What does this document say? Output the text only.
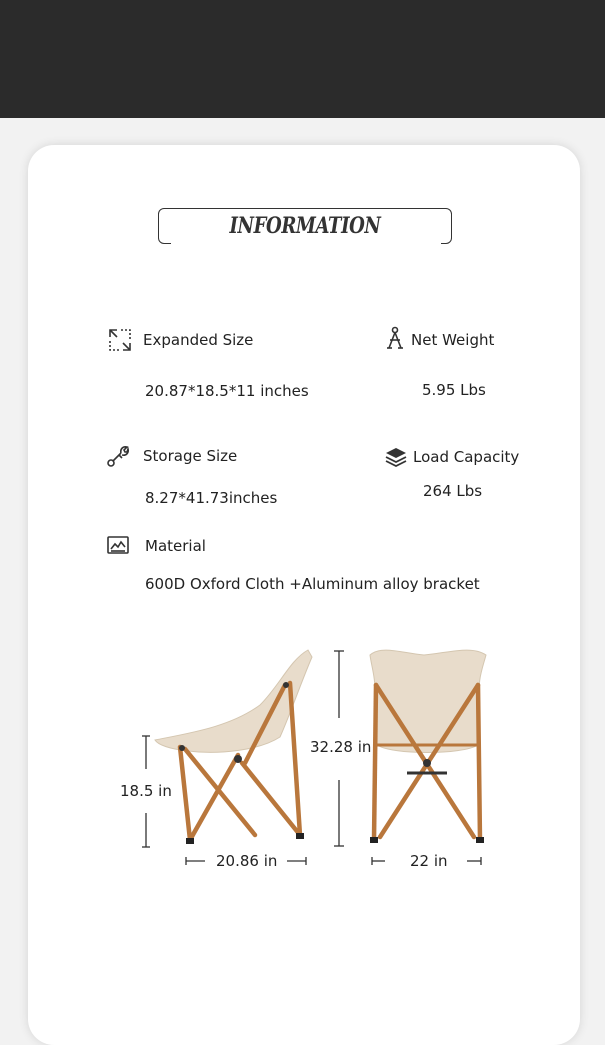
INFORMATION
Expanded Size
20.87*18.5*11 inches
Net Weight
5.95 Lbs
Storage Size
8.27*41.73inches
Load Capacity
264 Lbs
Material
600D Oxford Cloth +Aluminum alloy bracket
18.5 in
20.86 in
32.28 in
22 in
